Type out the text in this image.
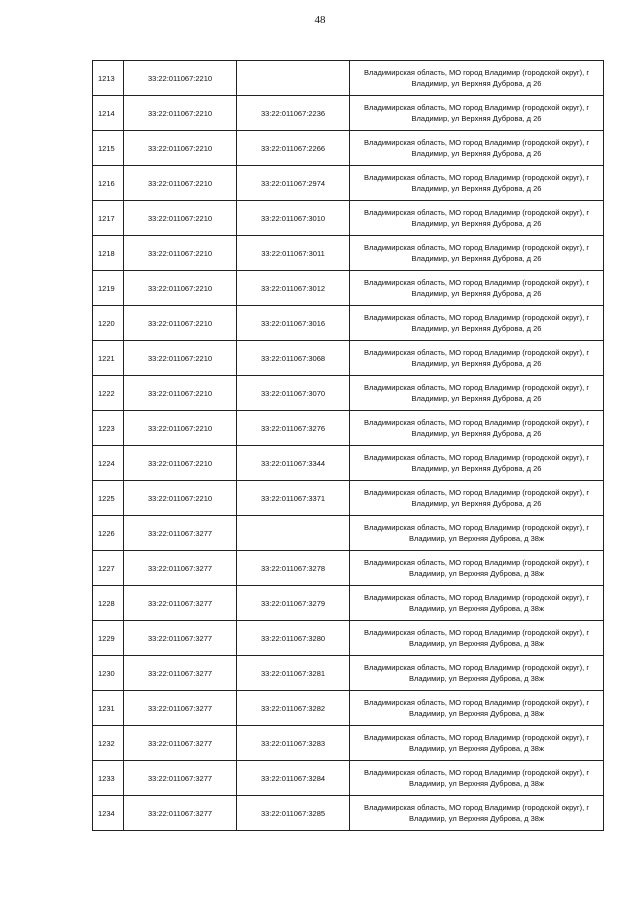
48
1213	33:22:011067:2210		Владимирская область, МО город Владимир (городской округ), г Владимир, ул Верхняя Дуброва, д 26
1214	33:22:011067:2210	33:22:011067:2236	Владимирская область, МО город Владимир (городской округ), г Владимир, ул Верхняя Дуброва, д 26
1215	33:22:011067:2210	33:22:011067:2266	Владимирская область, МО город Владимир (городской округ), г Владимир, ул Верхняя Дуброва, д 26
1216	33:22:011067:2210	33:22:011067:2974	Владимирская область, МО город Владимир (городской округ), г Владимир, ул Верхняя Дуброва, д 26
1217	33:22:011067:2210	33:22:011067:3010	Владимирская область, МО город Владимир (городской округ), г Владимир, ул Верхняя Дуброва, д 26
1218	33:22:011067:2210	33:22:011067:3011	Владимирская область, МО город Владимир (городской округ), г Владимир, ул Верхняя Дуброва, д 26
1219	33:22:011067:2210	33:22:011067:3012	Владимирская область, МО город Владимир (городской округ), г Владимир, ул Верхняя Дуброва, д 26
1220	33:22:011067:2210	33:22:011067:3016	Владимирская область, МО город Владимир (городской округ), г Владимир, ул Верхняя Дуброва, д 26
1221	33:22:011067:2210	33:22:011067:3068	Владимирская область, МО город Владимир (городской округ), г Владимир, ул Верхняя Дуброва, д 26
1222	33:22:011067:2210	33:22:011067:3070	Владимирская область, МО город Владимир (городской округ), г Владимир, ул Верхняя Дуброва, д 26
1223	33:22:011067:2210	33:22:011067:3276	Владимирская область, МО город Владимир (городской округ), г Владимир, ул Верхняя Дуброва, д 26
1224	33:22:011067:2210	33:22:011067:3344	Владимирская область, МО город Владимир (городской округ), г Владимир, ул Верхняя Дуброва, д 26
1225	33:22:011067:2210	33:22:011067:3371	Владимирская область, МО город Владимир (городской округ), г Владимир, ул Верхняя Дуброва, д 26
1226	33:22:011067:3277		Владимирская область, МО город Владимир (городской округ), г Владимир, ул Верхняя Дуброва, д 38ж
1227	33:22:011067:3277	33:22:011067:3278	Владимирская область, МО город Владимир (городской округ), г Владимир, ул Верхняя Дуброва, д 38ж
1228	33:22:011067:3277	33:22:011067:3279	Владимирская область, МО город Владимир (городской округ), г Владимир, ул Верхняя Дуброва, д 38ж
1229	33:22:011067:3277	33:22:011067:3280	Владимирская область, МО город Владимир (городской округ), г Владимир, ул Верхняя Дуброва, д 38ж
1230	33:22:011067:3277	33:22:011067:3281	Владимирская область, МО город Владимир (городской округ), г Владимир, ул Верхняя Дуброва, д 38ж
1231	33:22:011067:3277	33:22:011067:3282	Владимирская область, МО город Владимир (городской округ), г Владимир, ул Верхняя Дуброва, д 38ж
1232	33:22:011067:3277	33:22:011067:3283	Владимирская область, МО город Владимир (городской округ), г Владимир, ул Верхняя Дуброва, д 38ж
1233	33:22:011067:3277	33:22:011067:3284	Владимирская область, МО город Владимир (городской округ), г Владимир, ул Верхняя Дуброва, д 38ж
1234	33:22:011067:3277	33:22:011067:3285	Владимирская область, МО город Владимир (городской округ), г Владимир, ул Верхняя Дуброва, д 38ж
